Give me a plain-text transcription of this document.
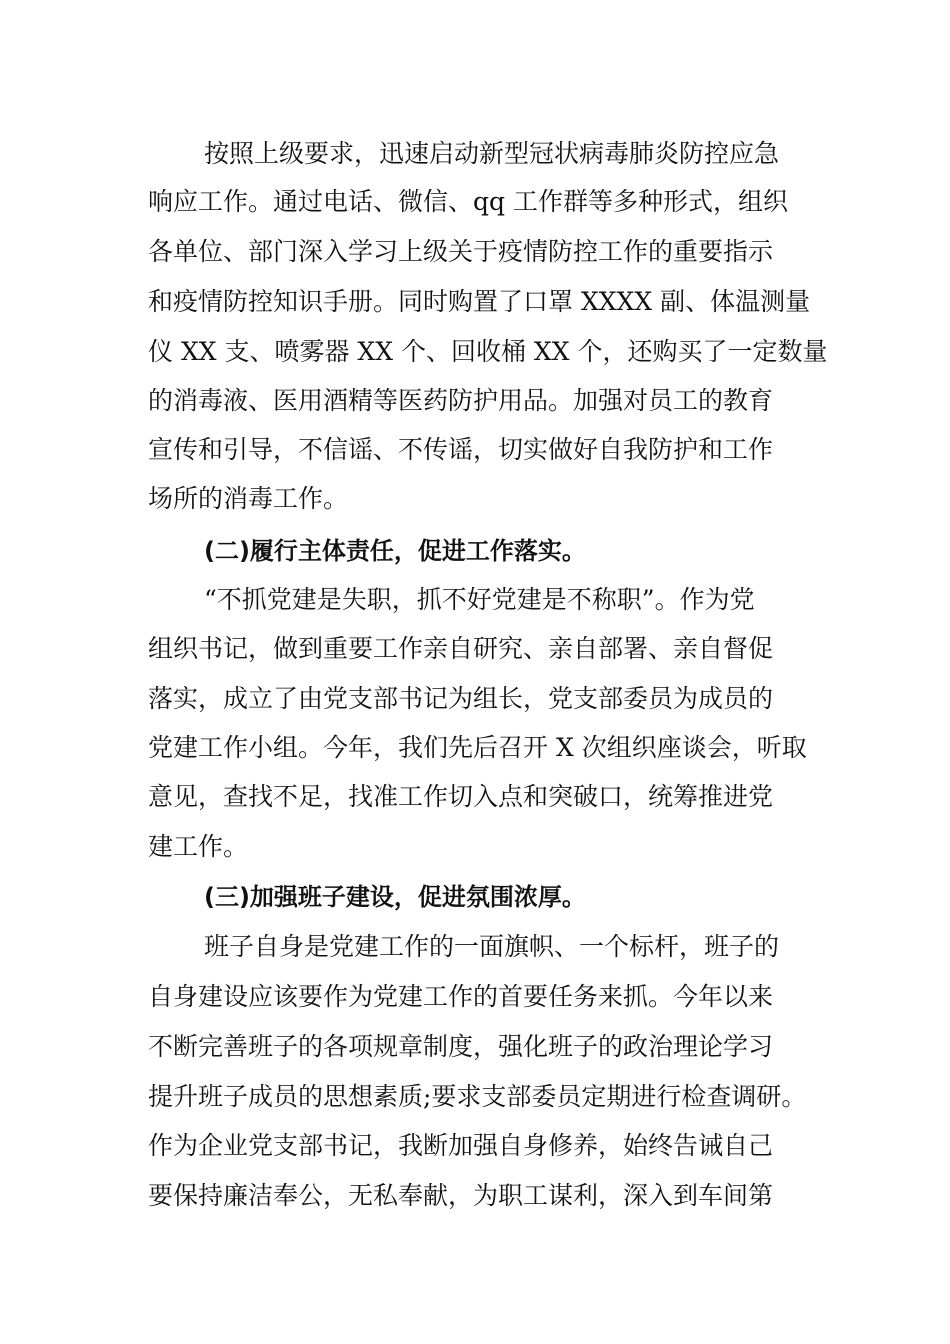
按照上级要求，迅速启动新型冠状病毒肺炎防控应急
响应工作。通过电话、微信、qq 工作群等多种形式，组织
各单位、部门深入学习上级关于疫情防控工作的重要指示
和疫情防控知识手册。同时购置了口罩 XXXX 副、体温测量
仪 XX 支、喷雾器 XX 个、回收桶 XX 个，还购买了一定数量
的消毒液、医用酒精等医药防护用品。加强对员工的教育
宣传和引导，不信谣、不传谣，切实做好自我防护和工作
场所的消毒工作。
(二)履行主体责任，促进工作落实。
“不抓党建是失职，抓不好党建是不称职”。作为党
组织书记，做到重要工作亲自研究、亲自部署、亲自督促
落实，成立了由党支部书记为组长，党支部委员为成员的
党建工作小组。今年，我们先后召开 X 次组织座谈会，听取
意见，查找不足，找准工作切入点和突破口，统筹推进党
建工作。
(三)加强班子建设，促进氛围浓厚。
班子自身是党建工作的一面旗帜、一个标杆，班子的
自身建设应该要作为党建工作的首要任务来抓。今年以来
不断完善班子的各项规章制度，强化班子的政治理论学习
提升班子成员的思想素质;要求支部委员定期进行检查调研。
作为企业党支部书记，我断加强自身修养，始终告诫自己
要保持廉洁奉公，无私奉献，为职工谋利，深入到车间第
